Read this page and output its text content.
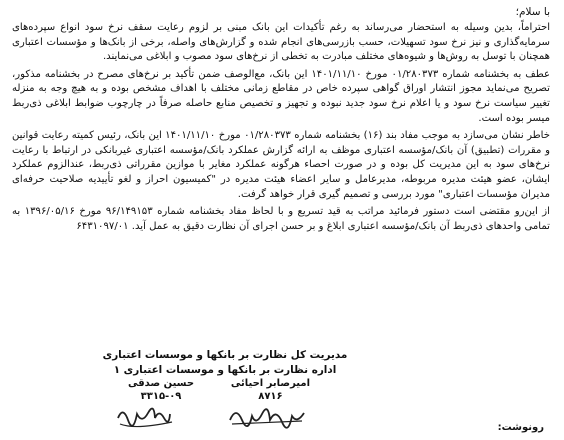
با سلام؛

احتراماً، بدین وسیله به استحضار می‌رساند به رغم تأکیدات این بانک مبنی بر لزوم رعایت سقف نرخ سود انواع سپرده‌های سرمایه‌گذاری و نیز نرخ سود تسهیلات، حسب بازرسی‌های انجام شده و گزارش‌های واصله، برخی از بانک‌ها و مؤسسات اعتباری همچنان با توسل به روش‌ها و شیوه‌های مختلف مبادرت به تخطی از نرخ‌های سود مصوب و ابلاغی می‌نمایند.

عطف به بخشنامه شماره ۰۱/۲۸۰۳۷۳ مورخ ۱۴۰۱/۱۱/۱۰ این بانک، مع‌الوصف ضمن تأکید بر نرخ‌های مصرح در بخشنامه مذکور، تصریح می‌نماید مجوز انتشار اوراق گواهی سپرده خاص در مقاطع زمانی مختلف با اهداف مشخص بوده و به هیچ وجه به منزله تغییر سیاست نرخ سود و یا اعلام نرخ سود جدید نبوده و تجهیز و تخصیص منابع حاصله صرفاً در چارچوب ضوابط ابلاغی ذی‌ربط میسر بوده است.

خاطر نشان می‌سازد به موجب مفاد بند (۱۶) بخشنامه شماره ۰۱/۲۸۰۳۷۳ مورخ ۱۴۰۱/۱۱/۱۰ این بانک، رئیس کمیته رعایت قوانین و مقررات (تطبیق) آن بانک/مؤسسه اعتباری موظف به ارائه گزارش عملکرد بانک/مؤسسه اعتباری غیربانکی در ارتباط با رعایت نرخ‌های سود به این مدیریت کل بوده و در صورت احصاء هرگونه عملکرد مغایر با موازین مقرراتی ذی‌ربط، عندالزوم عملکرد ایشان، عضو هیئت مدیره مربوطه، مدیرعامل و سایر اعضاء هیئت مدیره در "کمیسیون احراز و لغو تأییدیه صلاحیت حرفه‌ای مدیران مؤسسات اعتباری" مورد بررسی و تصمیم گیری قرار خواهد گرفت.

از این‌رو مقتضی است دستور فرمائید مراتب به قید تسریع و با لحاظ مفاد بخشنامه شماره ۹۶/۱۴۹۱۵۳ مورخ ۱۳۹۶/۰۵/۱۶ به تمامی واحدهای ذی‌ربط آن بانک/مؤسسه اعتباری ابلاغ و بر حسن اجرای آن نظارت دقیق به عمل آید. ۶۴۳۱۰۹۷/۰۱

مدیریت کل نظارت بر بانکها و موسسات اعتباری
اداره نظارت بر بانکها و موسسات اعتباری ۱
امیرصابر احیائی
۸۷۱۶
حسین صدقی
۳۳۱۵-۰۹
رونوشت:
